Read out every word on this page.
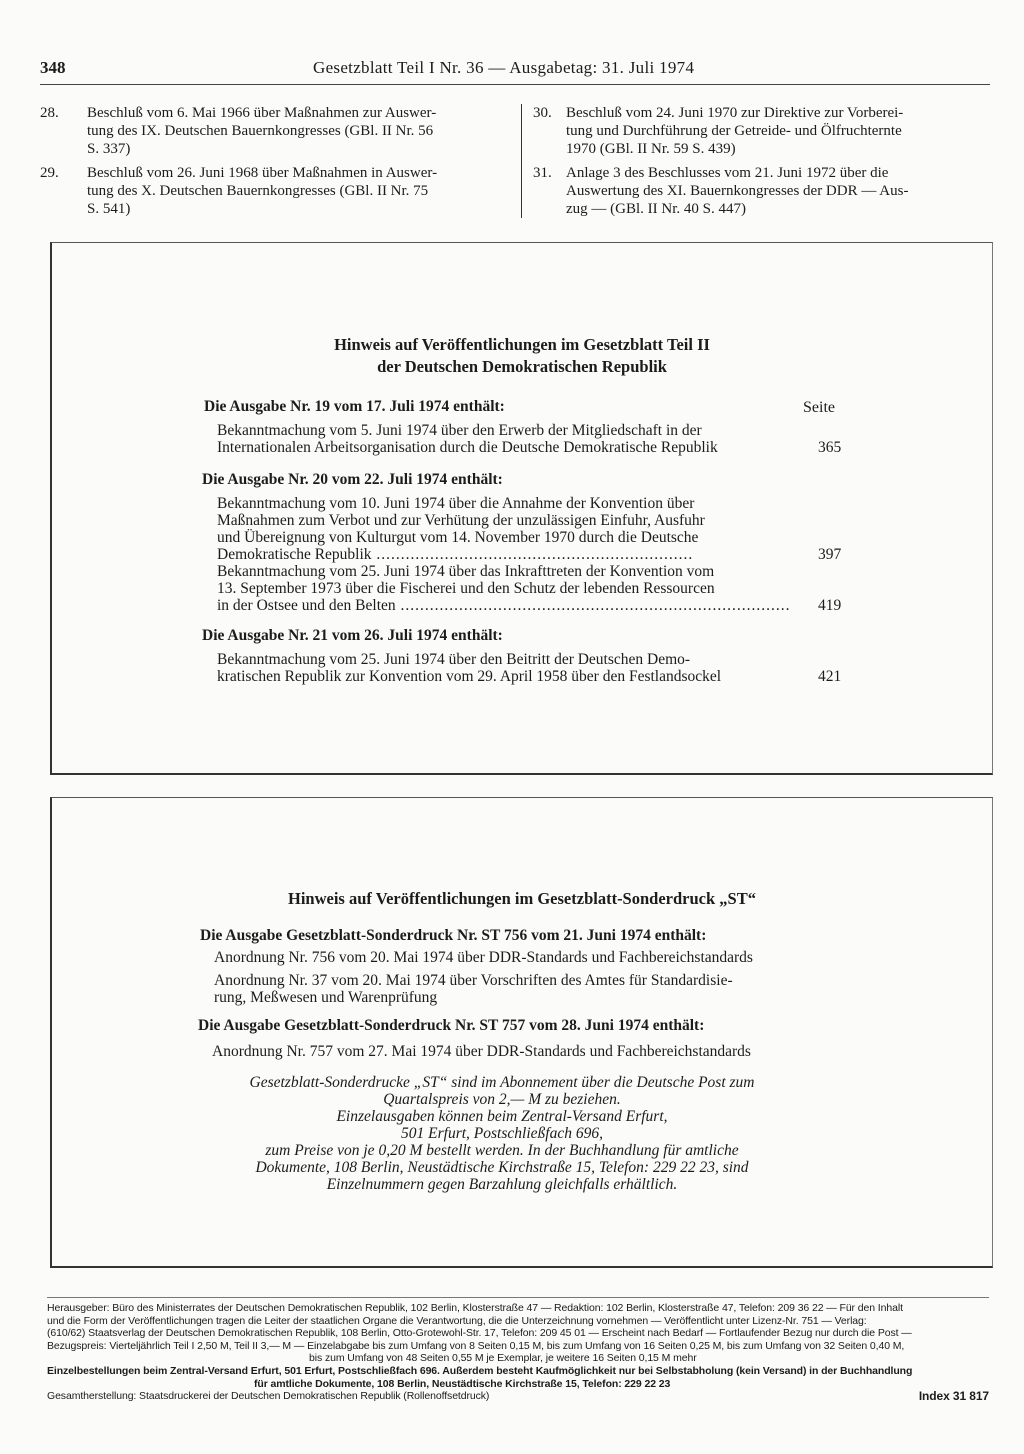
348	Gesetzblatt Teil I Nr. 36 — Ausgabetag: 31. Juli 1974
28. Beschluß vom 6. Mai 1966 über Maßnahmen zur Auswer-
tung des IX. Deutschen Bauernkongresses (GBl. II Nr. 56
S. 337)
29. Beschluß vom 26. Juni 1968 über Maßnahmen in Auswer-
tung des X. Deutschen Bauernkongresses (GBl. II Nr. 75
S. 541)
30. Beschluß vom 24. Juni 1970 zur Direktive zur Vorberei-
tung und Durchführung der Getreide- und Ölfruchternte
1970 (GBl. II Nr. 59 S. 439)
31. Anlage 3 des Beschlusses vom 21. Juni 1972 über die
Auswertung des XI. Bauernkongresses der DDR — Aus-
zug — (GBl. II Nr. 40 S. 447)
Hinweis auf Veröffentlichungen im Gesetzblatt Teil II
der Deutschen Demokratischen Republik
Die Ausgabe Nr. 19 vom 17. Juli 1974 enthält:	Seite
Bekanntmachung vom 5. Juni 1974 über den Erwerb der Mitgliedschaft in der
Internationalen Arbeitsorganisation durch die Deutsche Demokratische Republik	365
Die Ausgabe Nr. 20 vom 22. Juli 1974 enthält:
Bekanntmachung vom 10. Juni 1974 über die Annahme der Konvention über
Maßnahmen zum Verbot und zur Verhütung der unzulässigen Einfuhr, Ausfuhr
und Übereignung von Kulturgut vom 14. November 1970 durch die Deutsche
Demokratische Republik .................................................................	397
Bekanntmachung vom 25. Juni 1974 über das Inkrafttreten der Konvention vom
13. September 1973 über die Fischerei und den Schutz der lebenden Ressourcen
in der Ostsee und den Belten ................................................................................ 419
Die Ausgabe Nr. 21 vom 26. Juli 1974 enthält:
Bekanntmachung vom 25. Juni 1974 über den Beitritt der Deutschen Demo-
kratischen Republik zur Konvention vom 29. April 1958 über den Festlandsockel	421
Hinweis auf Veröffentlichungen im Gesetzblatt-Sonderdruck „ST“
Die Ausgabe Gesetzblatt-Sonderdruck Nr. ST 756 vom 21. Juni 1974 enthält:
Anordnung Nr. 756 vom 20. Mai 1974 über DDR-Standards und Fachbereichstandards
Anordnung Nr. 37 vom 20. Mai 1974 über Vorschriften des Amtes für Standardisie-
rung, Meßwesen und Warenprüfung
Die Ausgabe Gesetzblatt-Sonderdruck Nr. ST 757 vom 28. Juni 1974 enthält:
Anordnung Nr. 757 vom 27. Mai 1974 über DDR-Standards und Fachbereichstandards
Gesetzblatt-Sonderdrucke „ST“ sind im Abonnement über die Deutsche Post zum
Quartalspreis von 2,— M zu beziehen.
Einzelausgaben können beim Zentral-Versand Erfurt,
501 Erfurt, Postschließfach 696,
zum Preise von je 0,20 M bestellt werden. In der Buchhandlung für amtliche
Dokumente, 108 Berlin, Neustädtische Kirchstraße 15, Telefon: 229 22 23, sind
Einzelnummern gegen Barzahlung gleichfalls erhältlich.
Herausgeber: Büro des Ministerrates der Deutschen Demokratischen Republik, 102 Berlin, Klosterstraße 47 — Redaktion: 102 Berlin, Klosterstraße 47, Telefon: 209 36 22 — Für den Inhalt
und die Form der Veröffentlichungen tragen die Leiter der staatlichen Organe die Verantwortung, die die Unterzeichnung vornehmen — Veröffentlicht unter Lizenz-Nr. 751 — Verlag:
(610/62) Staatsverlag der Deutschen Demokratischen Republik, 108 Berlin, Otto-Grotewohl-Str. 17, Telefon: 209 45 01 — Erscheint nach Bedarf — Fortlaufender Bezug nur durch die Post —
Bezugspreis: Vierteljährlich Teil I 2,50 M, Teil II 3,— M — Einzelabgabe bis zum Umfang von 8 Seiten 0,15 M, bis zum Umfang von 16 Seiten 0,25 M, bis zum Umfang von 32 Seiten 0,40 M,
bis zum Umfang von 48 Seiten 0,55 M je Exemplar, je weitere 16 Seiten 0,15 M mehr
Einzelbestellungen beim Zentral-Versand Erfurt, 501 Erfurt, Postschließfach 696. Außerdem besteht Kaufmöglichkeit nur bei Selbstabholung (kein Versand) in der Buchhandlung
für amtliche Dokumente, 108 Berlin, Neustädtische Kirchstraße 15, Telefon: 229 22 23
Gesamtherstellung: Staatsdruckerei der Deutschen Demokratischen Republik (Rollenoffsetdruck)	Index 31 817
